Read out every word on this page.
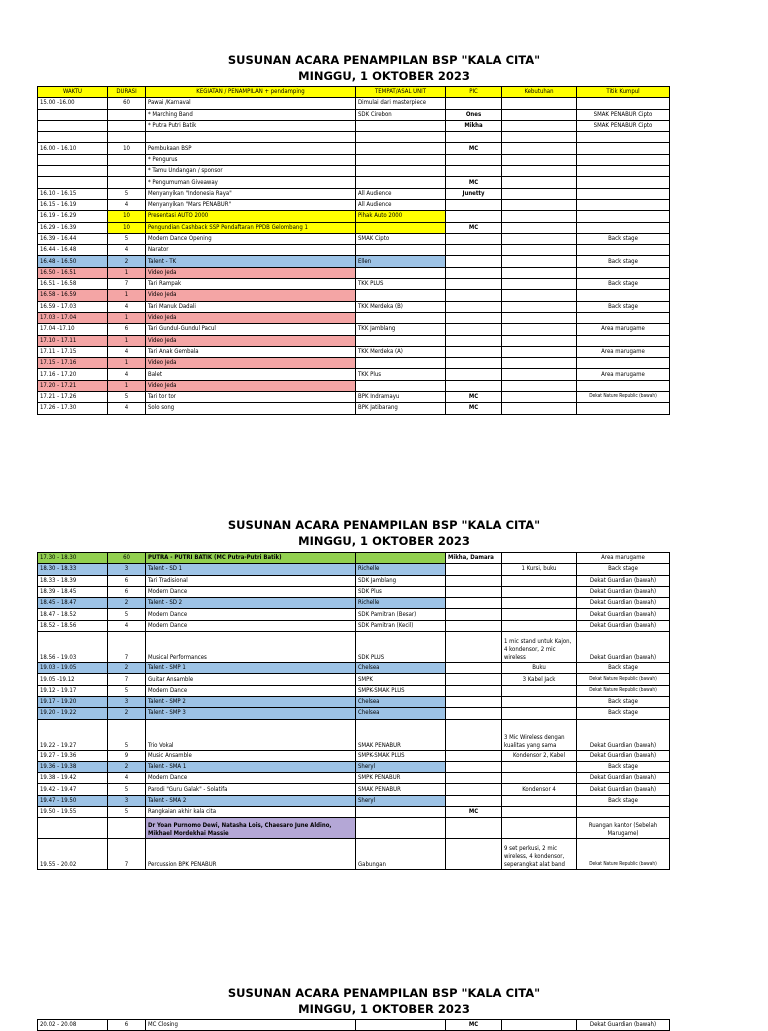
SUSUNAN ACARA PENAMPILAN BSP "KALA CITA"
MINGGU, 1 OKTOBER 2023
WAKTU	DURASI	KEGIATAN / PENAMPILAN + pendamping	TEMPAT/ASAL UNIT	PIC	Kebutuhan	Titik Kumpul
15.00 -16.00	60	Pawai /Karnaval	Dimulai dari masterpiece			
		* Marching Band	SDK Cirebon	Ones		SMAK PENABUR Cipto
		* Putra Putri Batik		Mikha		SMAK PENABUR Cipto

16.00 - 16.10	10	Pembukaan BSP		MC		
		* Pengurus				
		* Tamu Undangan / sponsor				
		* Pengumuman Giveaway		MC		
16.10 - 16.15	5	Menyanyikan "Indonesia Raya"	All Audience	Junetty		
16.15 - 16.19	4	Menyanyikan "Mars PENABUR"	All Audience			
16.19 - 16.29	10	Presentasi AUTO 2000	Pihak Auto 2000			
16.29 - 16.39	10	Pengundian Cashback SSP Pendaftaran PPDB Gelombang 1		MC		
16.39 - 16.44	5	Modern Dance Opening	SMAK Cipto			Back stage
16.44 - 16.48	4	Narator				
16.48 - 16.50	2	Talent - TK	Ellen			Back stage
16.50 - 16.51	1	Video Jeda				
16.51 - 16.58	7	Tari Rampak	TKK PLUS			Back stage
16.58 - 16.59	1	Video Jeda				
16.59 - 17.03	4	Tari Manuk Dadali	TKK Merdeka (B)			Back stage
17.03 - 17.04	1	Video Jeda				
17.04 -17.10	6	Tari Gundul-Gundul Pacul	TKK Jamblang			Area marugame
17.10 - 17.11	1	Video Jeda				
17.11 - 17.15	4	Tari Anak Gembala	TKK Merdeka (A)			Area marugame
17.15 - 17.16	1	Video Jeda				
17.16 - 17.20	4	Balet	TKK Plus			Area marugame
17.20 - 17.21	1	Video Jeda				
17.21 - 17.26	5	Tari tor tor	BPK Indramayu	MC		Dekat Nature Republic (bawah)
17.26 - 17.30	4	Solo song	BPK Jatibarang	MC		
SUSUNAN ACARA PENAMPILAN BSP "KALA CITA"
MINGGU, 1 OKTOBER 2023
17.30 - 18.30	60	PUTRA - PUTRI BATIK (MC Putra-Putri Batik)		Mikha, Damara		Area marugame
18.30 - 18.33	3	Talent - SD 1	Richelle		1 Kursi, buku	Back stage
18.33 - 18.39	6	Tari Tradisional	SDK Jamblang			Dekat Guardian (bawah)
18.39 - 18.45	6	Modern Dance	SDK Plus			Dekat Guardian (bawah)
18.45 - 18.47	2	Talent - SD 2	Richelle			Dekat Guardian (bawah)
18.47 - 18.52	5	Modern Dance	SDK Pamitran (Besar)			Dekat Guardian (bawah)
18.52 - 18.56	4	Modern Dance	SDK Pamitran (Kecil)			Dekat Guardian (bawah)
18.56 - 19.03	7	Musical Performances	SDK PLUS		1 mic stand untuk Kajon, 4 kondensor, 2 mic wireless	Dekat Guardian (bawah)
19.03 - 19.05	2	Talent - SMP 1	Chelsea		Buku	Back stage
19.05 -19.12	7	Guitar Ansamble	SMPK		3 Kabel Jack	Dekat Nature Republic (bawah)
19.12 - 19.17	5	Modern Dance	SMPK-SMAK PLUS			Dekat Nature Republic (bawah)
19.17 - 19.20	3	Talent - SMP 2	Chelsea			Back stage
19.20 - 19.22	2	Talent - SMP 3	Chelsea			Back stage
19.22 - 19.27	5	Trio Vokal	SMAK PENABUR		3 Mic Wireless dengan kualitas yang sama	Dekat Guardian (bawah)
19.27 - 19.36	9	Music Ansamble	SMPK-SMAK PLUS		Kondensor 2, Kabel	Dekat Guardian (bawah)
19.36 - 19.38	2	Talent - SMA 1	Sheryl			Back stage
19.38 - 19.42	4	Modern Dance	SMPK PENABUR			Dekat Guardian (bawah)
19.42 - 19.47	5	Parodi "Guru Galak" - Solatifa	SMAK PENABUR		Kondensor 4	Dekat Guardian (bawah)
19.47 - 19.50	3	Talent - SMA 2	Sheryl			Back stage
19.50 - 19.55	5	Rangkaian akhir kala cita		MC		
		Dr Yoan Purnomo Dewi, Natasha Lois, Chaesaro June Aldino, Mikhael Mordekhai Massie				Ruangan kantor (Sebelah Marugame)
19.55 - 20.02	7	Percussion BPK PENABUR	Gabungan		9 set perkusi, 2 mic wireless, 4 kondensor, seperangkat alat band	Dekat Nature Republic (bawah)
SUSUNAN ACARA PENAMPILAN BSP "KALA CITA"
MINGGU, 1 OKTOBER 2023
20.02 - 20.08	6	MC Closing		MC		Dekat Guardian (bawah)
